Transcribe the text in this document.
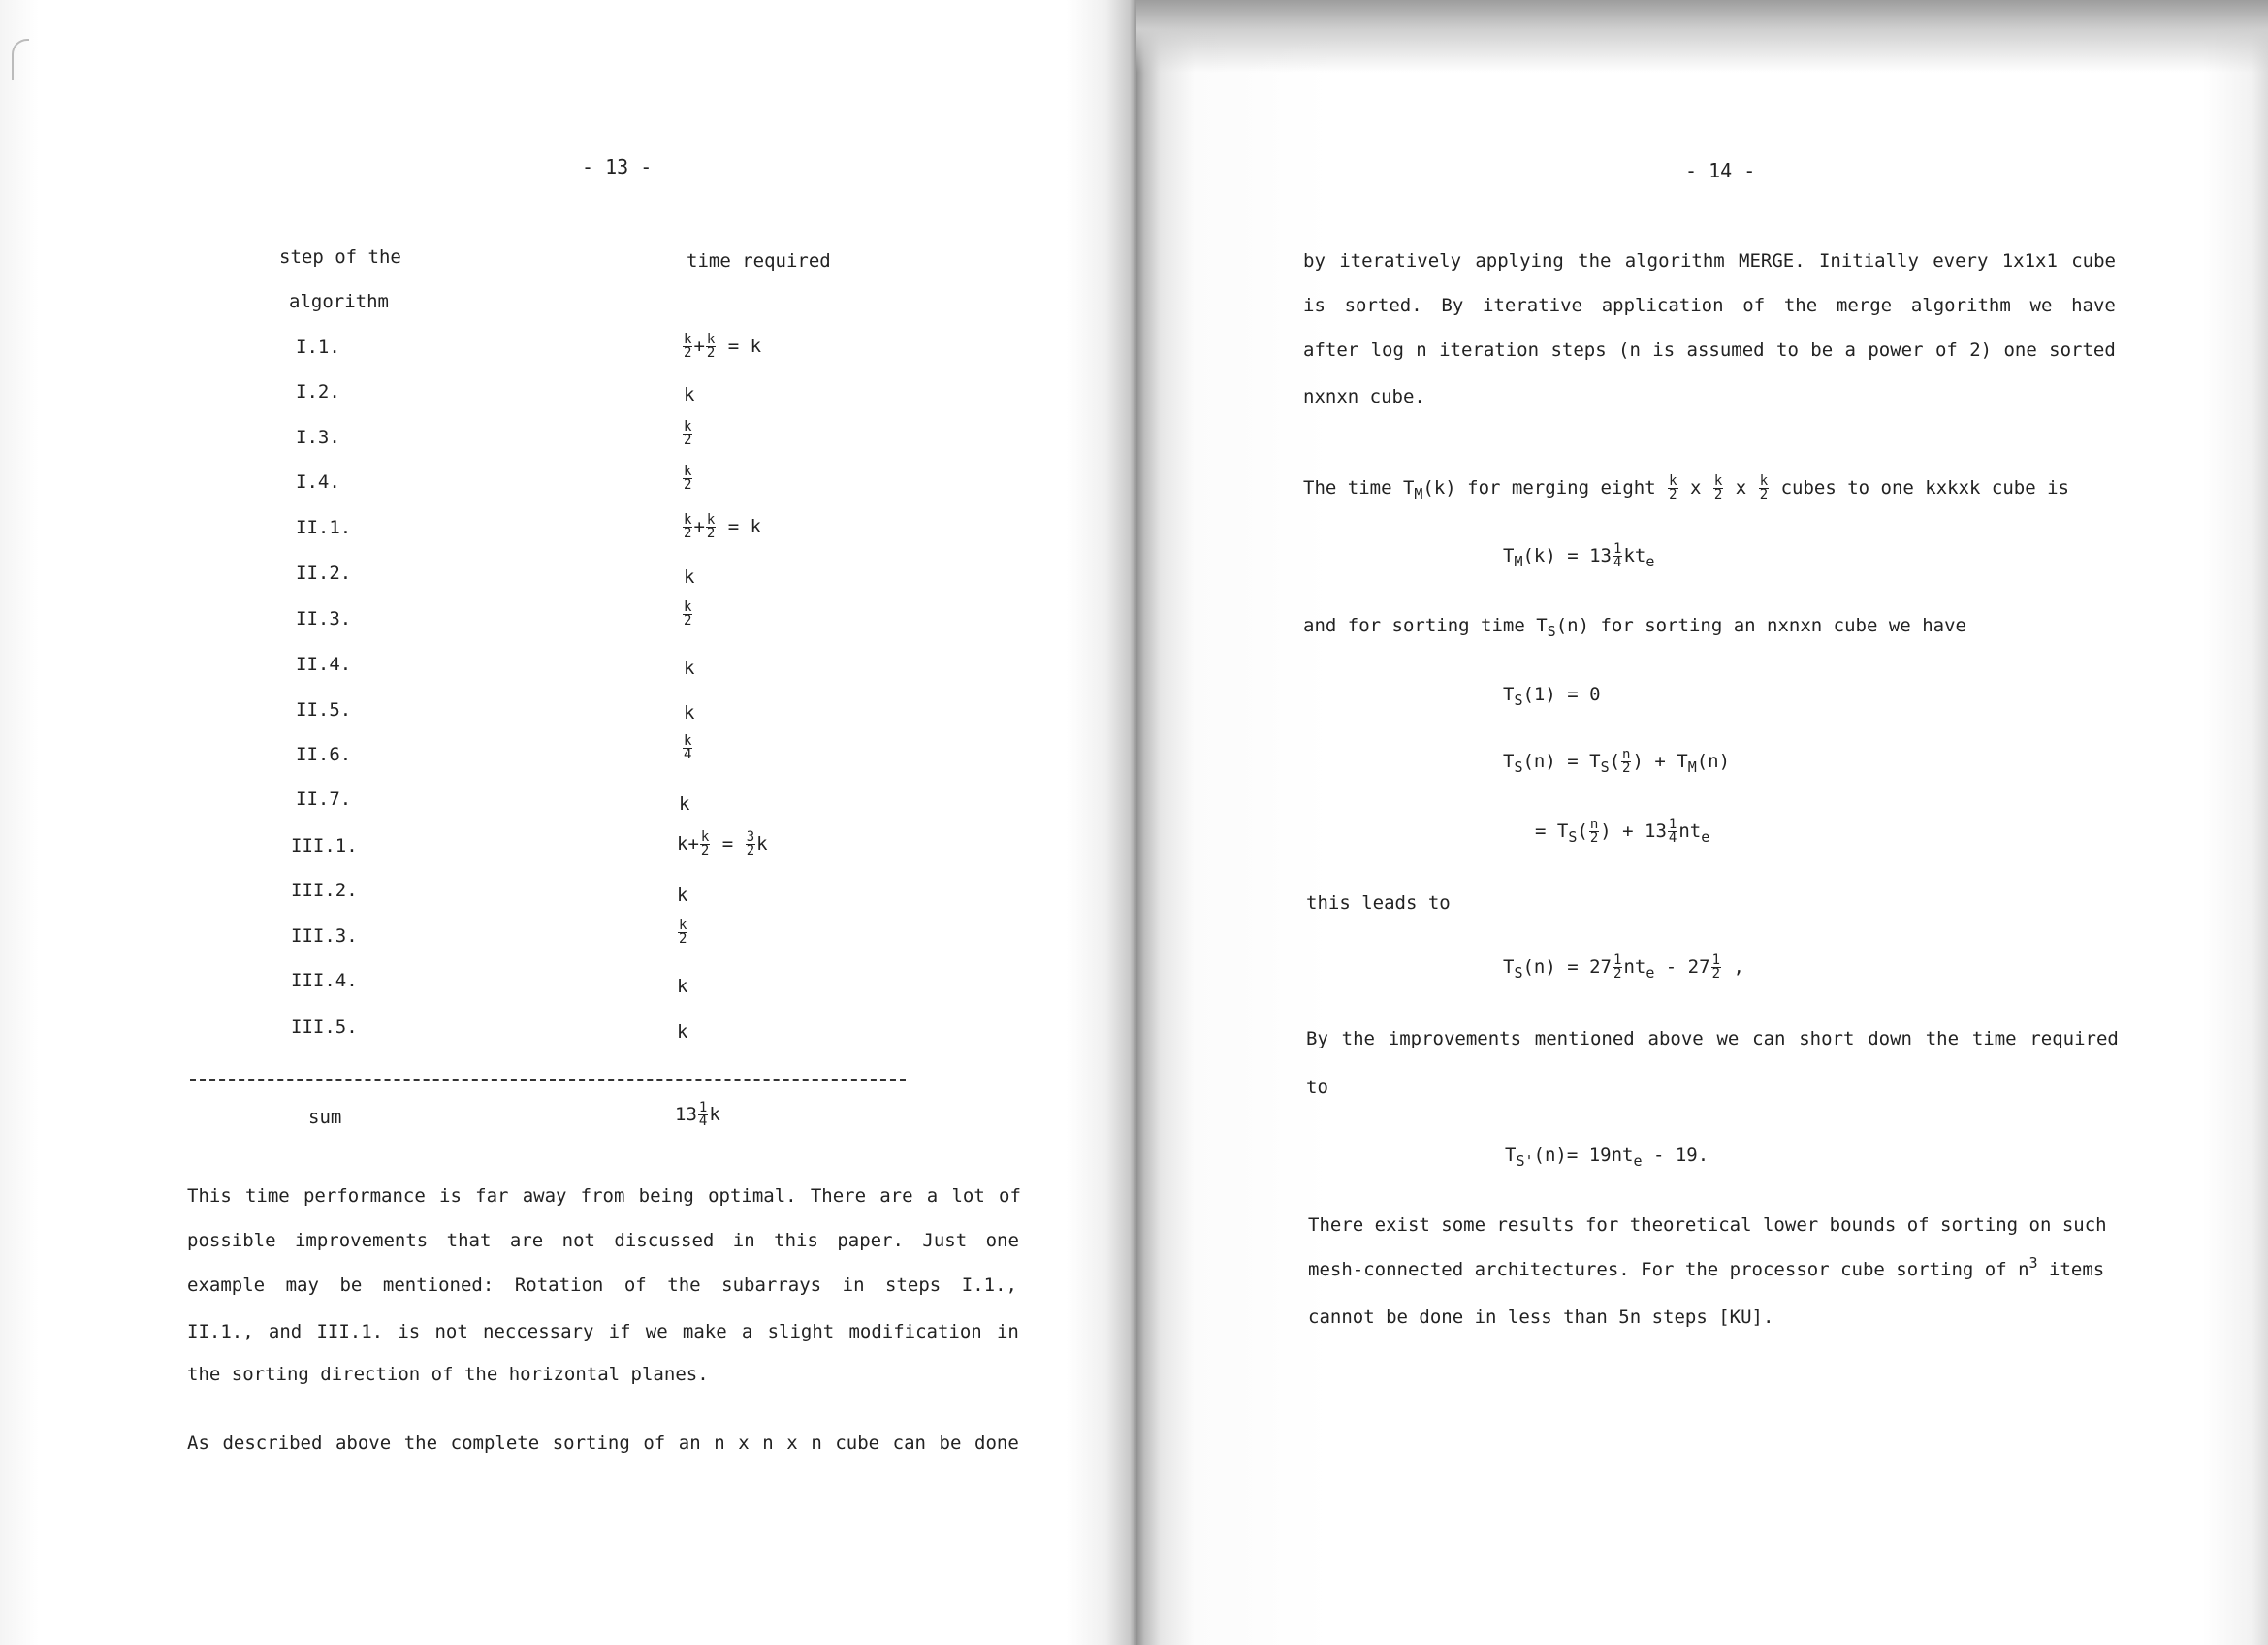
- 13 -
step of the
algorithm
time required
I.1.
I.2.
I.3.
I.4.
II.1.
II.2.
II.3.
II.4.
II.5.
II.6.
II.7.
III.1.
III.2.
III.3.
III.4.
III.5.
$\frac{k}{2} + \frac{k}{2} = k$
k
$\frac{k}{2}$
$\frac{k}{2}$
$\frac{k}{2} + \frac{k}{2} = k$
k
$\frac{k}{2}$
k
k
$\frac{k}{4}$
k
$k+ \frac{k}{2} = \frac{3}{2}$ k
k
$\frac{k}{2}$
k
k
sum	$13 \frac{1}{4}$ k
This time performance is far away from being optimal. There are a lot of
possible improvements that are not discussed in this paper. Just one
example may be mentioned: Rotation of the subarrays in steps I.1.,
II.1., and III.1. is not neccessary if we make a slight modification in
the sorting direction of the horizontal planes.
As described above the complete sorting of an n x n x n cube can be done
- 14 -
by iteratively applying the algorithm MERGE. Initially every 1x1x1 cube
is sorted. By iterative application of the merge algorithm we have
after log n iteration steps (n is assumed to be a power of 2) one sorted
nxnxn cube.
The time $T_M(k)$ for merging eight $\frac{k}{2}$ x $\frac{k}{2}$ x $\frac{k}{2}$ cubes to one kxkxk cube is
$T_M(k) = 13 \frac{1}{4} kt_e$
and for sorting time $T_S(n)$ for sorting an nxnxn cube we have
$T_S(1) = 0$
$T_S(n) = T_S( \frac{n}{2}$ ) + $T_M(n)$
= $T_S( \frac{n}{2}$ ) + $13 \frac{1}{4} nt_e$
this leads to
$T_S(n) = 27 \frac{1}{2} nt_e - 27 \frac{1}{2}$ ,
By the improvements mentioned above we can short down the time required
to
$T_{S'}(n)= 19nt_e - 19$.
There exist some results for theoretical lower bounds of sorting on such
mesh-connected architectures. For the processor cube sorting of $n^3$ items
cannot be done in less than 5n steps [KU].
